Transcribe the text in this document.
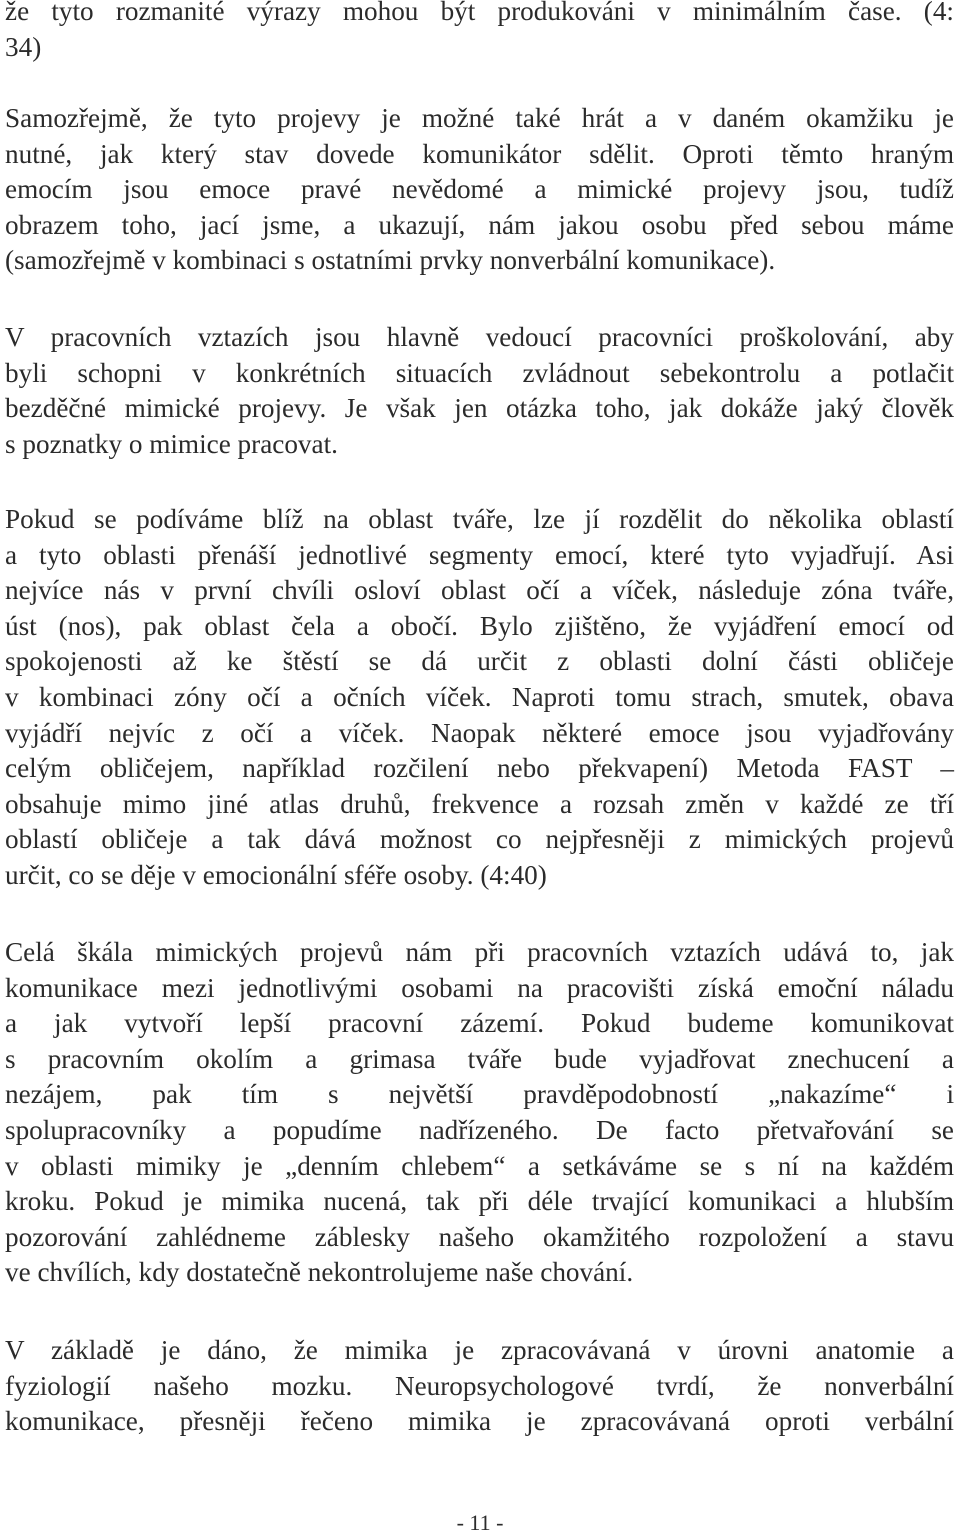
že tyto rozmanité výrazy mohou být produkováni v minimálním čase. (4:
34)

Samozřejmě, že tyto projevy je možné také hrát a v daném okamžiku je
nutné, jak který stav dovede komunikátor sdělit. Oproti těmto hraným
emocím jsou emoce pravé nevědomé a mimické projevy jsou, tudíž
obrazem toho, jací jsme, a ukazují, nám jakou osobu před sebou máme
(samozřejmě v kombinaci s ostatními prvky nonverbální komunikace).

V pracovních vztazích jsou hlavně vedoucí pracovníci proškolování, aby
byli schopni v konkrétních situacích zvládnout sebekontrolu a potlačit
bezděčné mimické projevy. Je však jen otázka toho, jak dokáže jaký člověk
s poznatky o mimice pracovat.

Pokud se podíváme blíž na oblast tváře, lze jí rozdělit do několika oblastí
a tyto oblasti přenáší jednotlivé segmenty emocí, které tyto vyjadřují. Asi
nejvíce nás v první chvíli osloví oblast očí a víček, následuje zóna tváře,
úst (nos), pak oblast čela a obočí. Bylo zjištěno, že vyjádření emocí od
spokojenosti až ke štěstí se dá určit z oblasti dolní části obličeje
v kombinaci zóny očí a očních víček. Naproti tomu strach, smutek, obava
vyjádří nejvíc z očí a víček. Naopak některé emoce jsou vyjadřovány
celým obličejem, například rozčilení nebo překvapení) Metoda FAST –
obsahuje mimo jiné atlas druhů, frekvence a rozsah změn v každé ze tří
oblastí obličeje a tak dává možnost co nejpřesněji z mimických projevů
určit, co se děje v emocionální sféře osoby. (4:40)

Celá škála mimických projevů nám při pracovních vztazích udává to, jak
komunikace mezi jednotlivými osobami na pracovišti získá emoční náladu
a jak vytvoří lepší pracovní zázemí. Pokud budeme komunikovat
s pracovním okolím a grimasa tváře bude vyjadřovat znechucení a
nezájem, pak tím s největší pravděpodobností „nakazíme“ i
spolupracovníky a popudíme nadřízeného. De facto přetvařování se
v oblasti mimiky je „denním chlebem“ a setkáváme se s ní na každém
kroku. Pokud je mimika nucená, tak při déle trvající komunikaci a hlubším
pozorování zahlédneme záblesky našeho okamžitého rozpoložení a stavu
ve chvílích, kdy dostatečně nekontrolujeme naše chování.

V základě je dáno, že mimika je zpracovávaná v úrovni anatomie a
fyziologií našeho mozku. Neuropsychologové tvrdí, že nonverbální
komunikace, přesněji řečeno mimika je zpracovávaná oproti verbální

- 11 -
